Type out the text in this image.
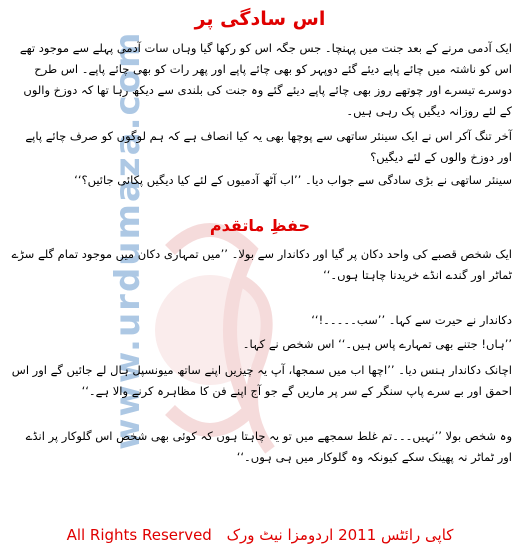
www.urdumaza.com
اس سادگی پر
ایک آدمی مرنے کے بعد جنت میں پہنچا۔ جس جگہ اس کو رکھا گیا وہاں سات آدمی پہلے سے موجود تھے اس کو ناشتہ میں چائے پاپے دیئے گئے دوپہر کو بھی چائے پاپے اور پھر رات کو بھی چائے پاپے۔ اس طرح دوسرے تیسرے اور چوتھے روز بھی چائے پاپے دیئے گئے وہ جنت کی بلندی سے دیکھ رہا تھا کہ دوزخ والوں کے لئے روزانہ دیگیں پک رہی ہیں۔
آخر تنگ آکر اس نے ایک سینئر ساتھی سے پوچھا بھی یہ کیا انصاف ہے کہ ہم لوگوں کو صرف چائے پاپے اور دوزخ والوں کے لئے دیگیں؟
سینئر ساتھی نے بڑی سادگی سے جواب دیا۔ ’’اب آٹھ آدمیوں کے لئے کیا دیگیں پکائی جائیں؟‘‘
حفظِ ماتقدم
ایک شخص قصبے کی واحد دکان پر گیا اور دکاندار سے بولا۔ ’’میں تمہاری دکان میں موجود تمام گلے سڑے ٹماٹر اور گندے انڈے خریدنا چاہتا ہوں۔‘‘
دکاندار نے حیرت سے کہا۔ ’’سب۔۔۔۔۔!‘‘
’’ہاں! جتنے بھی تمہارے پاس ہیں۔‘‘ اس شخص نے کہا۔
اچانک دکاندار ہنس دیا۔ ’’اچھا اب میں سمجھا، آپ یہ چیزیں اپنے ساتھ میونسپل ہال لے جائیں گے اور اس احمق اور بے سرے پاپ سنگر کے سر پر ماریں گے جو آج اپنے فن کا مظاہرہ کرنے والا ہے۔‘‘
وہ شخص بولا ’’نہیں۔۔۔تم غلط سمجھے میں تو یہ چاہتا ہوں کہ کوئی بھی شخص اس گلوکار پر انڈے اور ٹماٹر نہ پھینک سکے کیونکہ وہ گلوکار میں ہی ہوں۔‘‘
All Rights Reserved کاپی رائٹس 2011 اردومزا نیٹ ورک
